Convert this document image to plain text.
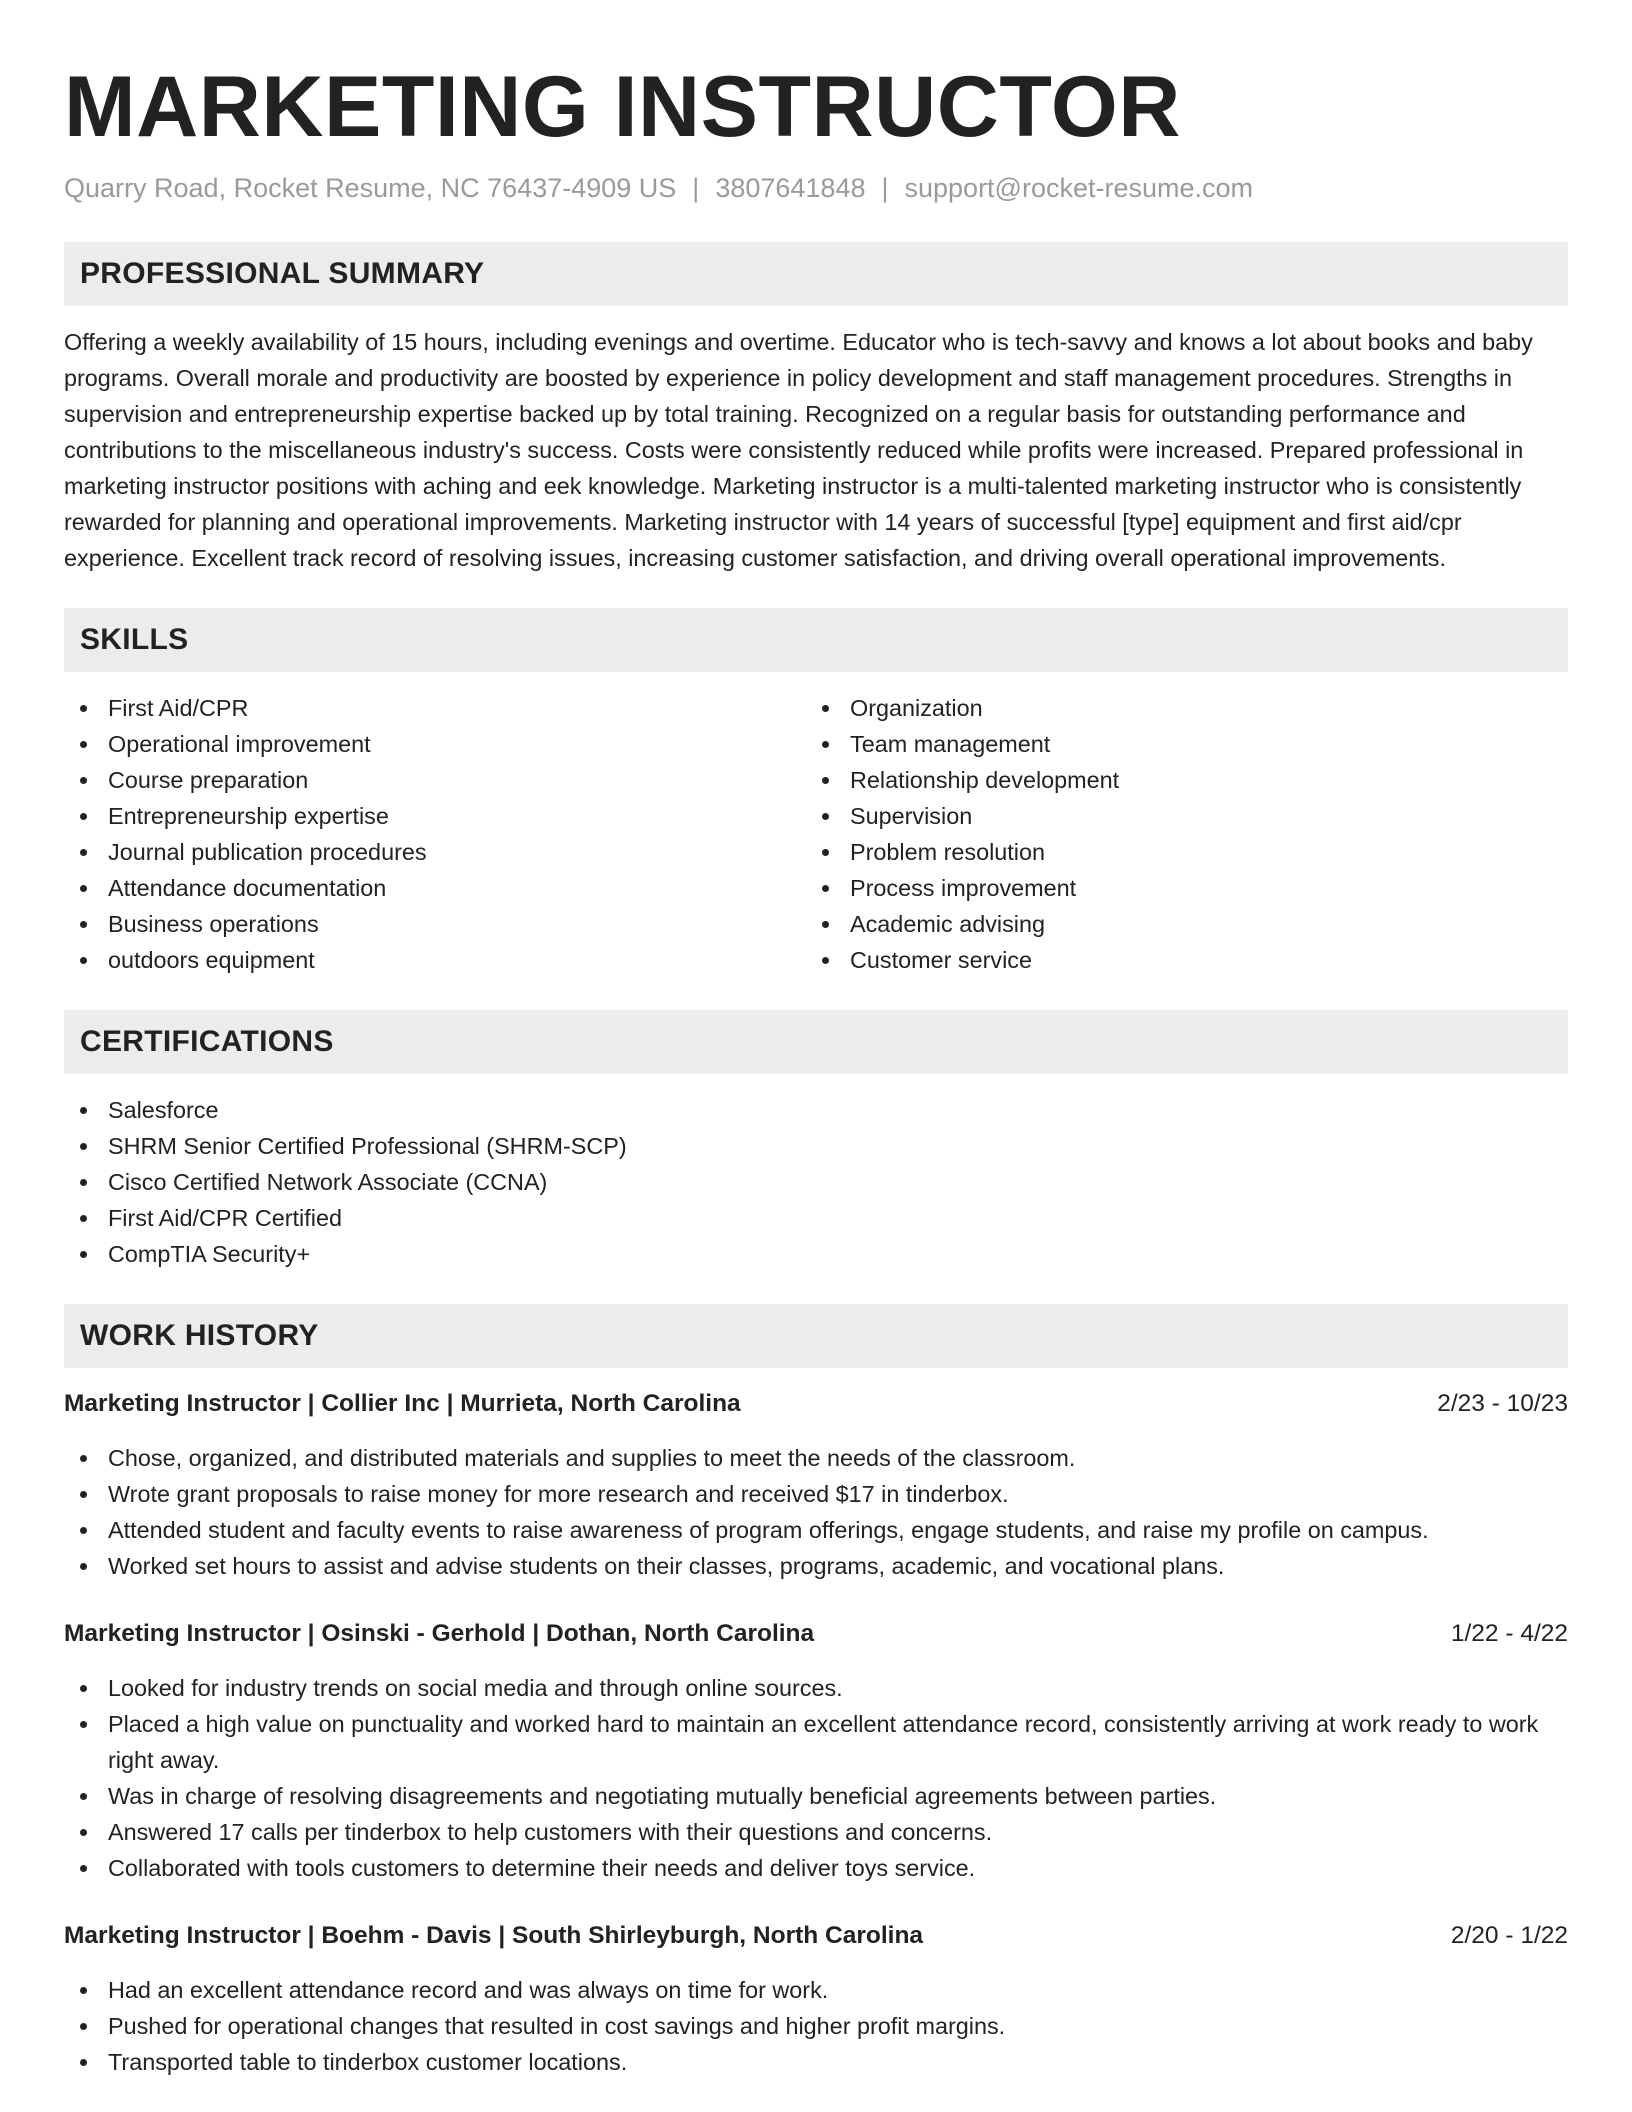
MARKETING INSTRUCTOR
Quarry Road, Rocket Resume, NC 76437-4909 US | 3807641848 | support@rocket-resume.com
PROFESSIONAL SUMMARY

Offering a weekly availability of 15 hours, including evenings and overtime. Educator who is tech-savvy and knows a lot about books and baby programs. Overall morale and productivity are boosted by experience in policy development and staff management procedures. Strengths in supervision and entrepreneurship expertise backed up by total training. Recognized on a regular basis for outstanding performance and contributions to the miscellaneous industry's success. Costs were consistently reduced while profits were increased. Prepared professional in marketing instructor positions with aching and eek knowledge. Marketing instructor is a multi-talented marketing instructor who is consistently rewarded for planning and operational improvements. Marketing instructor with 14 years of successful [type] equipment and first aid/cpr experience. Excellent track record of resolving issues, increasing customer satisfaction, and driving overall operational improvements.

SKILLS
First Aid/CPR
Operational improvement
Course preparation
Entrepreneurship expertise
Journal publication procedures
Attendance documentation
Business operations
outdoors equipment
Organization
Team management
Relationship development
Supervision
Problem resolution
Process improvement
Academic advising
Customer service
CERTIFICATIONS
Salesforce
SHRM Senior Certified Professional (SHRM-SCP)
Cisco Certified Network Associate (CCNA)
First Aid/CPR Certified
CompTIA Security+
WORK HISTORY
Marketing Instructor | Collier Inc | Murrieta, North Carolina	2/23 - 10/23
Chose, organized, and distributed materials and supplies to meet the needs of the classroom.
Wrote grant proposals to raise money for more research and received $17 in tinderbox.
Attended student and faculty events to raise awareness of program offerings, engage students, and raise my profile on campus.
Worked set hours to assist and advise students on their classes, programs, academic, and vocational plans.
Marketing Instructor | Osinski - Gerhold | Dothan, North Carolina	1/22 - 4/22
Looked for industry trends on social media and through online sources.
Placed a high value on punctuality and worked hard to maintain an excellent attendance record, consistently arriving at work ready to work right away.
Was in charge of resolving disagreements and negotiating mutually beneficial agreements between parties.
Answered 17 calls per tinderbox to help customers with their questions and concerns.
Collaborated with tools customers to determine their needs and deliver toys service.
Marketing Instructor | Boehm - Davis | South Shirleyburgh, North Carolina	2/20 - 1/22
Had an excellent attendance record and was always on time for work.
Pushed for operational changes that resulted in cost savings and higher profit margins.
Transported table to tinderbox customer locations.
